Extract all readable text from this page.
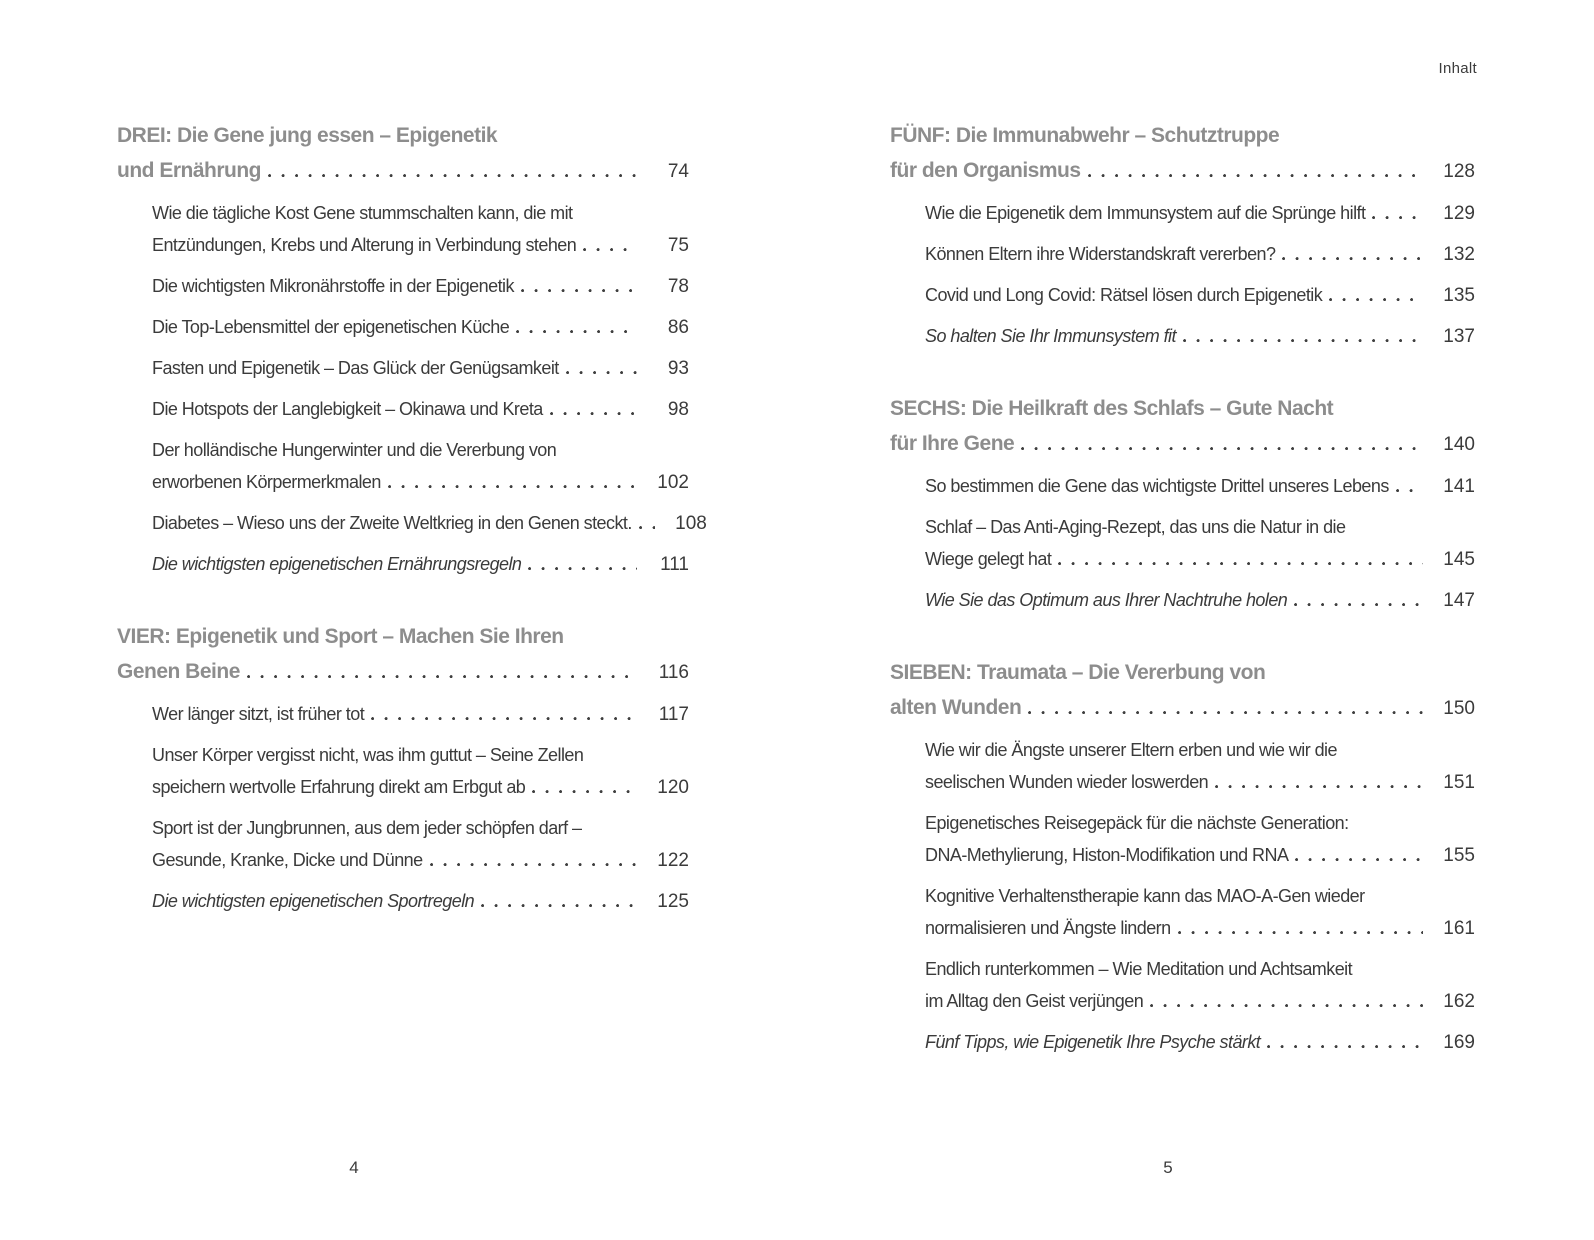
Inhalt
DREI: Die Gene jung essen – Epigenetik
und Ernährung	74
Wie die tägliche Kost Gene stummschalten kann, die mit
Entzündungen, Krebs und Alterung in Verbindung stehen	75
Die wichtigsten Mikronährstoffe in der Epigenetik	78
Die Top-Lebensmittel der epigenetischen Küche	86
Fasten und Epigenetik – Das Glück der Genügsamkeit	93
Die Hotspots der Langlebigkeit – Okinawa und Kreta	98
Der holländische Hungerwinter und die Vererbung von
erworbenen Körpermerkmalen	102
Diabetes – Wieso uns der Zweite Weltkrieg in den Genen steckt.	108
Die wichtigsten epigenetischen Ernährungsregeln	111
VIER: Epigenetik und Sport – Machen Sie Ihren
Genen Beine	116
Wer länger sitzt, ist früher tot	117
Unser Körper vergisst nicht, was ihm guttut – Seine Zellen
speichern wertvolle Erfahrung direkt am Erbgut ab	120
Sport ist der Jungbrunnen, aus dem jeder schöpfen darf –
Gesunde, Kranke, Dicke und Dünne	122
Die wichtigsten epigenetischen Sportregeln	125
FÜNF: Die Immunabwehr – Schutztruppe
für den Organismus	128
Wie die Epigenetik dem Immunsystem auf die Sprünge hilft	129
Können Eltern ihre Widerstandskraft vererben?	132
Covid und Long Covid: Rätsel lösen durch Epigenetik	135
So halten Sie Ihr Immunsystem fit	137
SECHS: Die Heilkraft des Schlafs – Gute Nacht
für Ihre Gene	140
So bestimmen die Gene das wichtigste Drittel unseres Lebens	141
Schlaf – Das Anti-Aging-Rezept, das uns die Natur in die
Wiege gelegt hat	145
Wie Sie das Optimum aus Ihrer Nachtruhe holen	147
SIEBEN: Traumata – Die Vererbung von
alten Wunden	150
Wie wir die Ängste unserer Eltern erben und wie wir die
seelischen Wunden wieder loswerden	151
Epigenetisches Reisegepäck für die nächste Generation:
DNA-Methylierung, Histon-Modifikation und RNA	155
Kognitive Verhaltenstherapie kann das MAO-A-Gen wieder
normalisieren und Ängste lindern	161
Endlich runterkommen – Wie Meditation und Achtsamkeit
im Alltag den Geist verjüngen	162
Fünf Tipps, wie Epigenetik Ihre Psyche stärkt	169
4	5
